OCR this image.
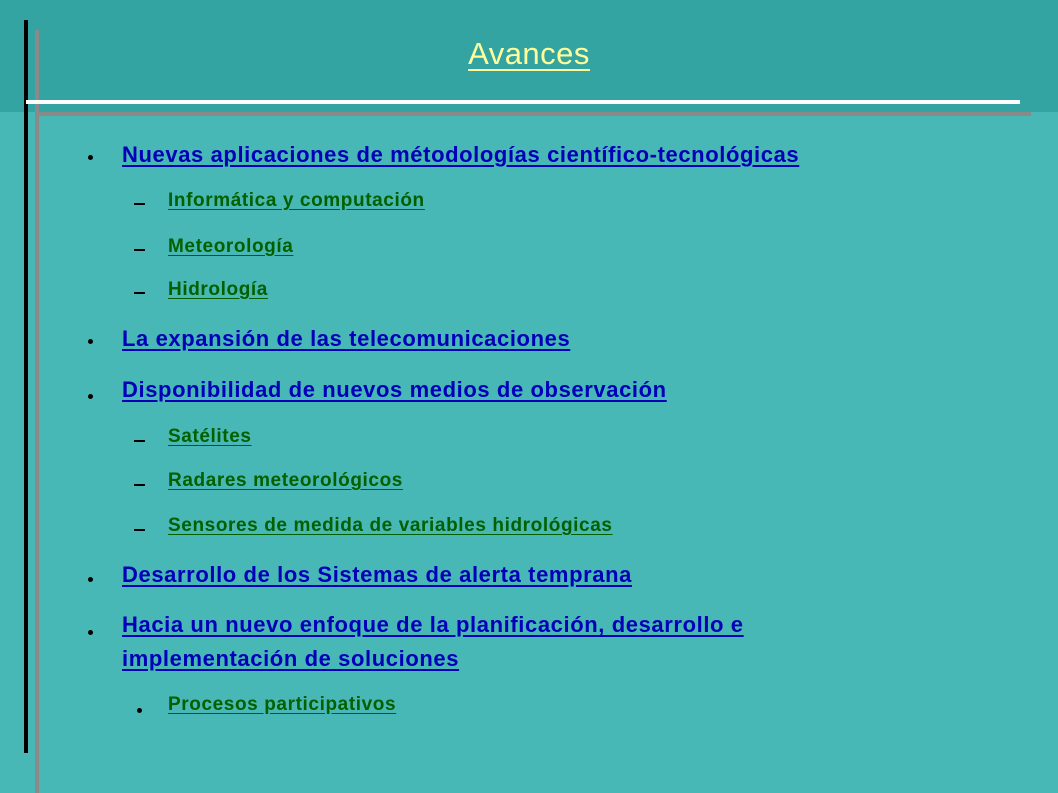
Avances
Nuevas aplicaciones de métodologías científico-tecnológicas
Informática y computación
Meteorología
Hidrología
La expansión de las telecomunicaciones
Disponibilidad de nuevos medios de observación
Satélites
Radares meteorológicos
Sensores de medida de variables hidrológicas
Desarrollo de los Sistemas de alerta temprana
Hacia un nuevo enfoque de la planificación, desarrollo e
implementación de soluciones
Procesos participativos
